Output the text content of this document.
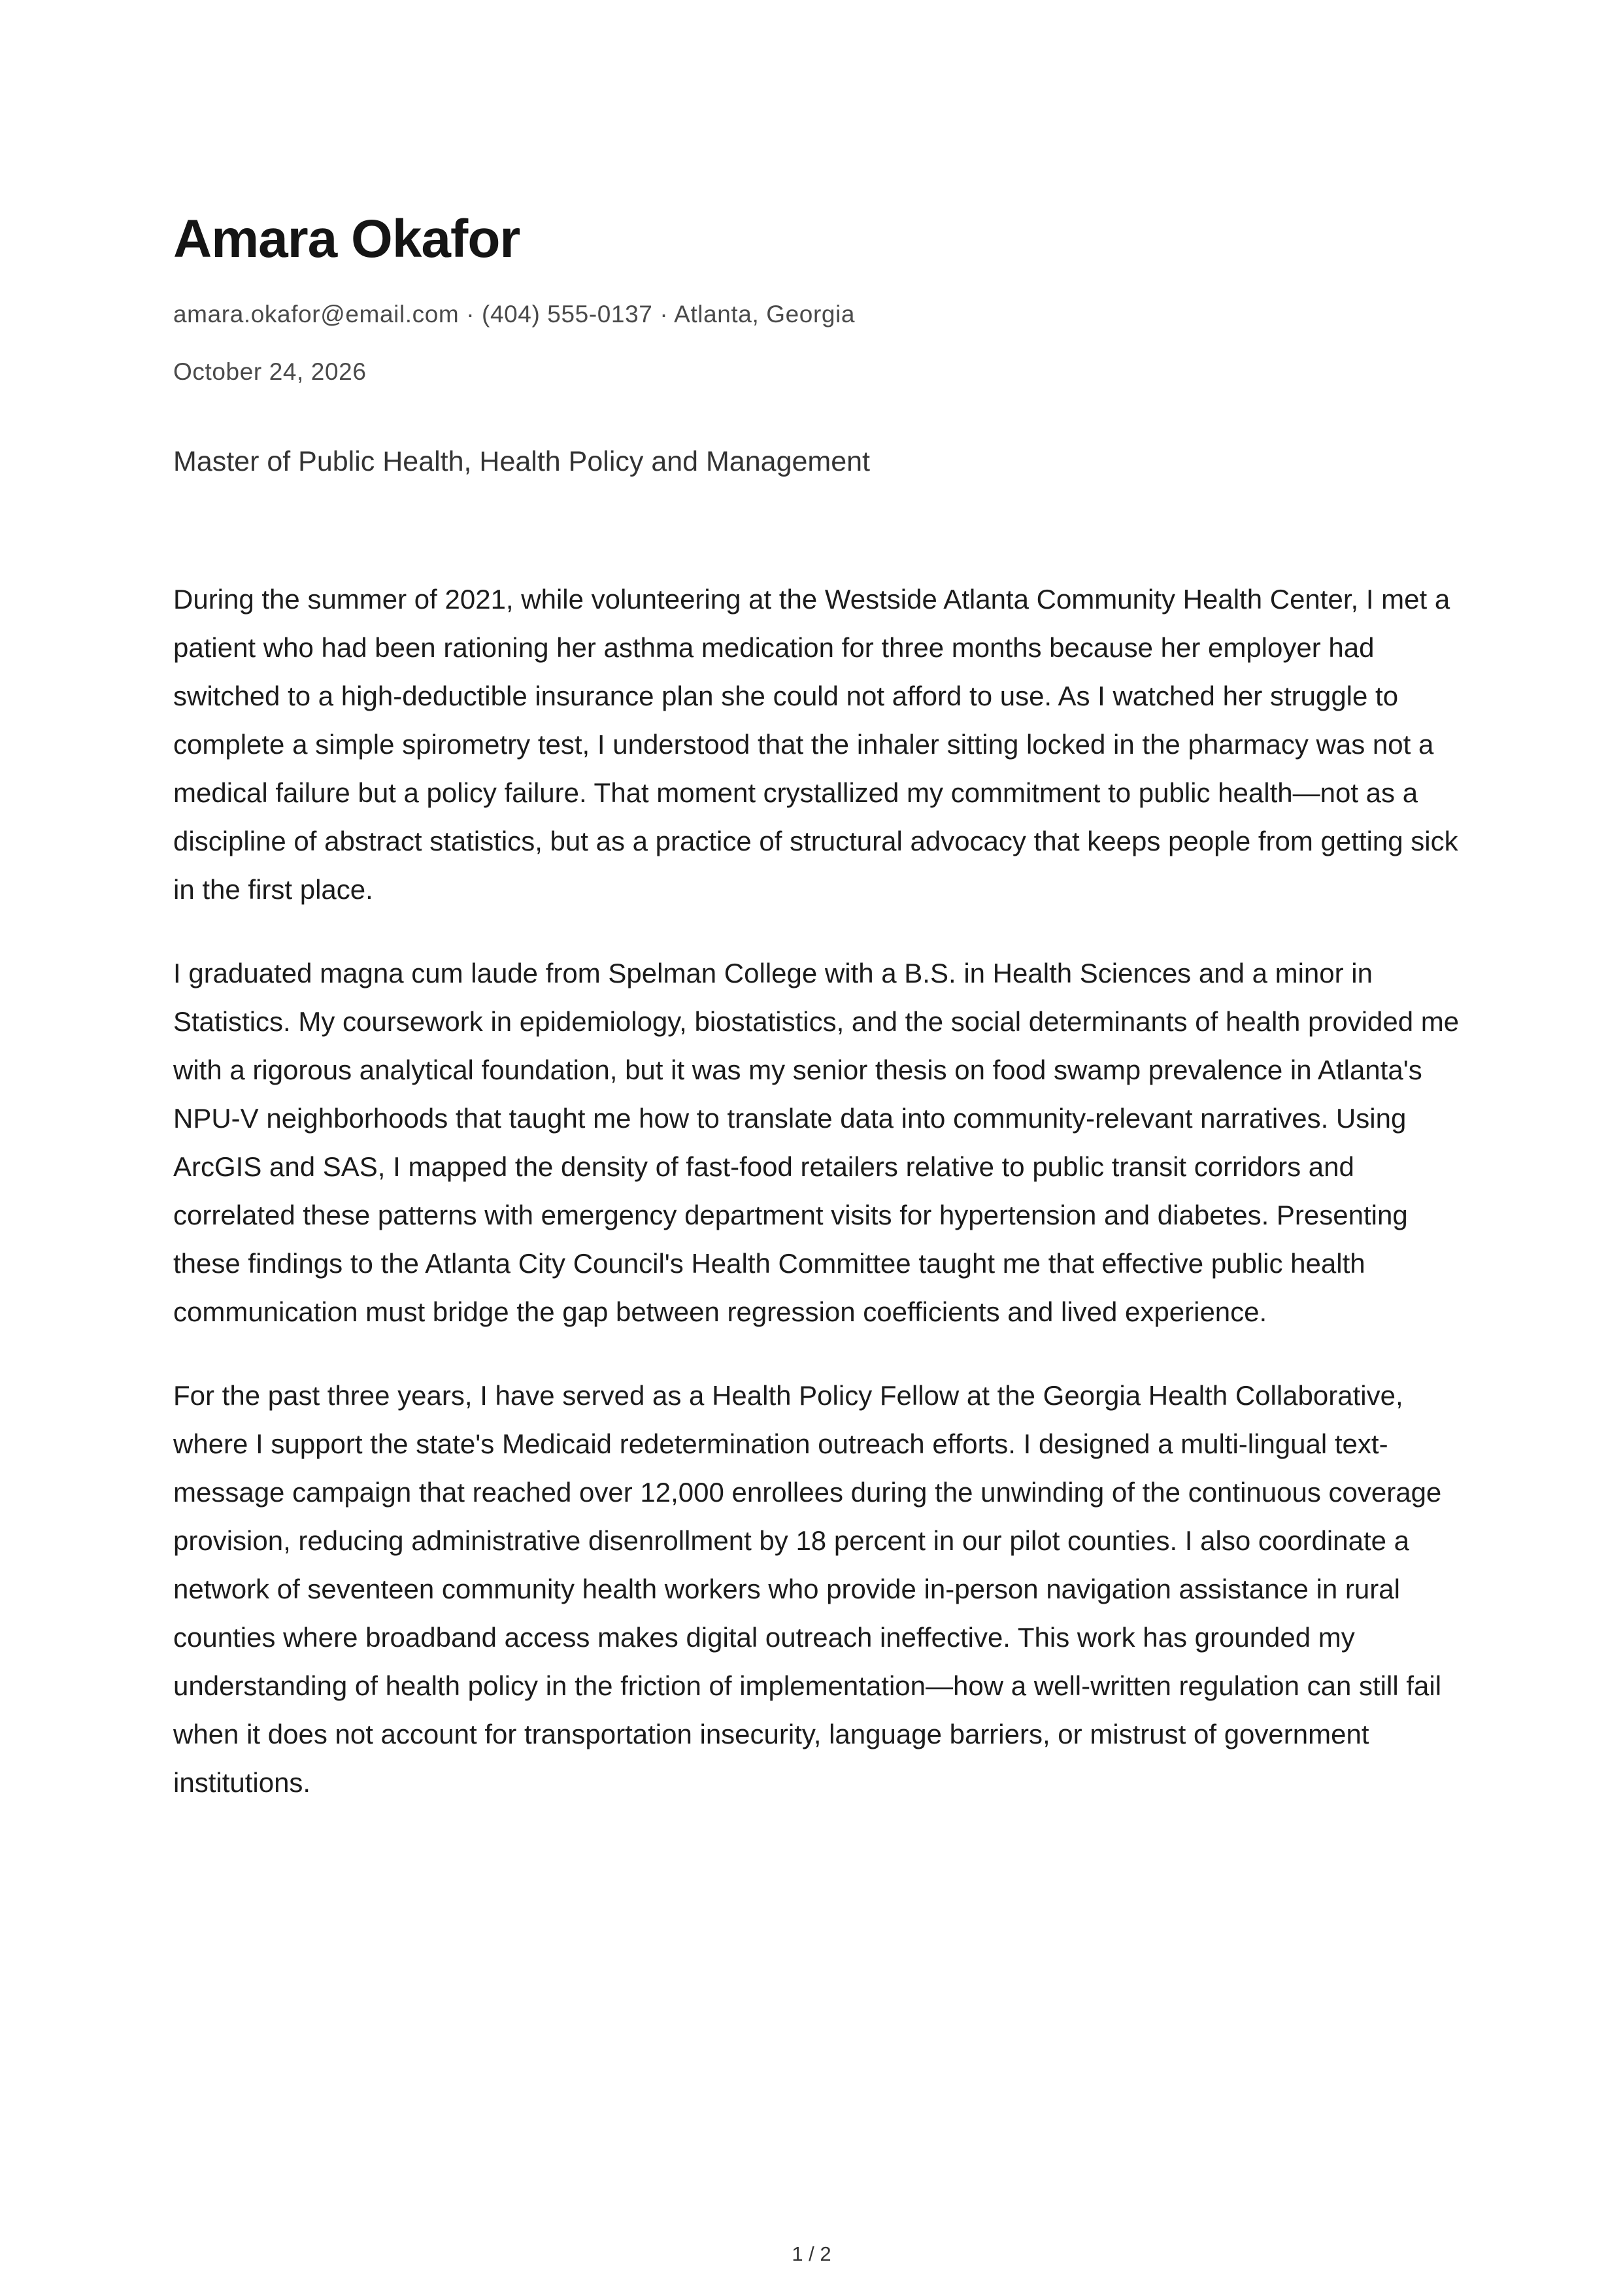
Amara Okafor
amara.okafor@email.com · (404) 555-0137 · Atlanta, Georgia
October 24, 2026
Master of Public Health, Health Policy and Management

During the summer of 2021, while volunteering at the Westside Atlanta Community Health Center, I met a patient who had been rationing her asthma medication for three months because her employer had switched to a high-deductible insurance plan she could not afford to use. As I watched her struggle to complete a simple spirometry test, I understood that the inhaler sitting locked in the pharmacy was not a medical failure but a policy failure. That moment crystallized my commitment to public health—not as a discipline of abstract statistics, but as a practice of structural advocacy that keeps people from getting sick in the first place.

I graduated magna cum laude from Spelman College with a B.S. in Health Sciences and a minor in Statistics. My coursework in epidemiology, biostatistics, and the social determinants of health provided me with a rigorous analytical foundation, but it was my senior thesis on food swamp prevalence in Atlanta's NPU-V neighborhoods that taught me how to translate data into community-relevant narratives. Using ArcGIS and SAS, I mapped the density of fast-food retailers relative to public transit corridors and correlated these patterns with emergency department visits for hypertension and diabetes. Presenting these findings to the Atlanta City Council's Health Committee taught me that effective public health communication must bridge the gap between regression coefficients and lived experience.

For the past three years, I have served as a Health Policy Fellow at the Georgia Health Collaborative, where I support the state's Medicaid redetermination outreach efforts. I designed a multi-lingual text-message campaign that reached over 12,000 enrollees during the unwinding of the continuous coverage provision, reducing administrative disenrollment by 18 percent in our pilot counties. I also coordinate a network of seventeen community health workers who provide in-person navigation assistance in rural counties where broadband access makes digital outreach ineffective. This work has grounded my understanding of health policy in the friction of implementation—how a well-written regulation can still fail when it does not account for transportation insecurity, language barriers, or mistrust of government institutions.

1 / 2
